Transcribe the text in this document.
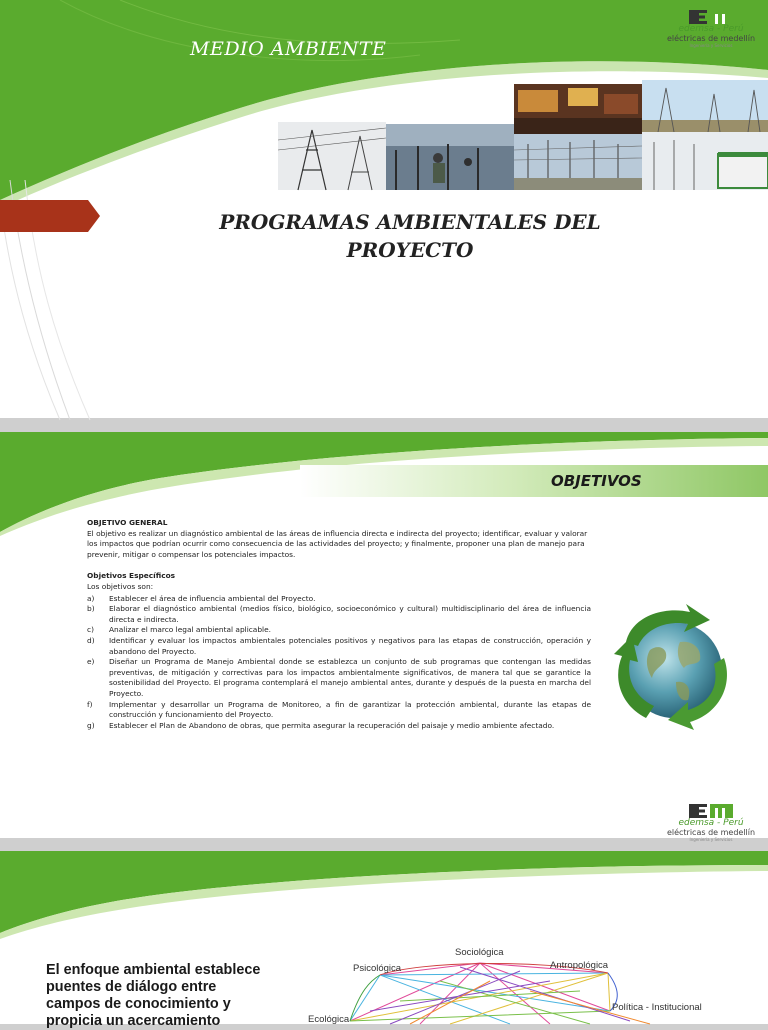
MEDIO AMBIENTE
edemsa - Perú
eléctricas de medellín
Ingeniería y Servicios
PROGRAMAS AMBIENTALES DEL
PROYECTO
OBJETIVOS

OBJETIVO GENERAL

El objetivo es realizar un diagnóstico ambiental de las áreas de influencia directa e indirecta del proyecto; identificar, evaluar y valorar los impactos que podrían ocurrir como consecuencia de las actividades del proyecto; y finalmente, proponer una plan de manejo para prevenir, mitigar o compensar los potenciales impactos.

Objetivos Específicos

Los objetivos son:

a)	Establecer el área de influencia ambiental del Proyecto.
b)	Elaborar el diagnóstico ambiental (medios físico, biológico, socioeconómico y cultural) multidisciplinario del área de influencia directa e indirecta.
c)	Analizar el marco legal ambiental aplicable.
d)	Identificar y evaluar los impactos ambientales potenciales positivos y negativos para las etapas de construcción, operación y abandono del Proyecto.
e)	Diseñar un Programa de Manejo Ambiental donde se establezca un conjunto de sub programas que contengan las medidas preventivas, de mitigación y correctivas para los impactos ambientalmente significativos, de manera tal que se garantice la sostenibilidad del Proyecto. El programa contemplará el manejo ambiental antes, durante y después de la puesta en marcha del Proyecto.
f)	Implementar y desarrollar un Programa de Monitoreo, a fin de garantizar la protección ambiental, durante las etapas de construcción y funcionamiento del Proyecto.
g)	Establecer el Plan de Abandono de obras, que permita asegurar la recuperación del paisaje y medio ambiente afectado.
edemsa - Perú
eléctricas de medellín
Ingeniería y Servicios
El enfoque ambiental establece
puentes de diálogo entre
campos de conocimiento y
propicia un acercamiento
Sociológica
Psicológica	Antropológica
Ecológica
Política - Institucional
